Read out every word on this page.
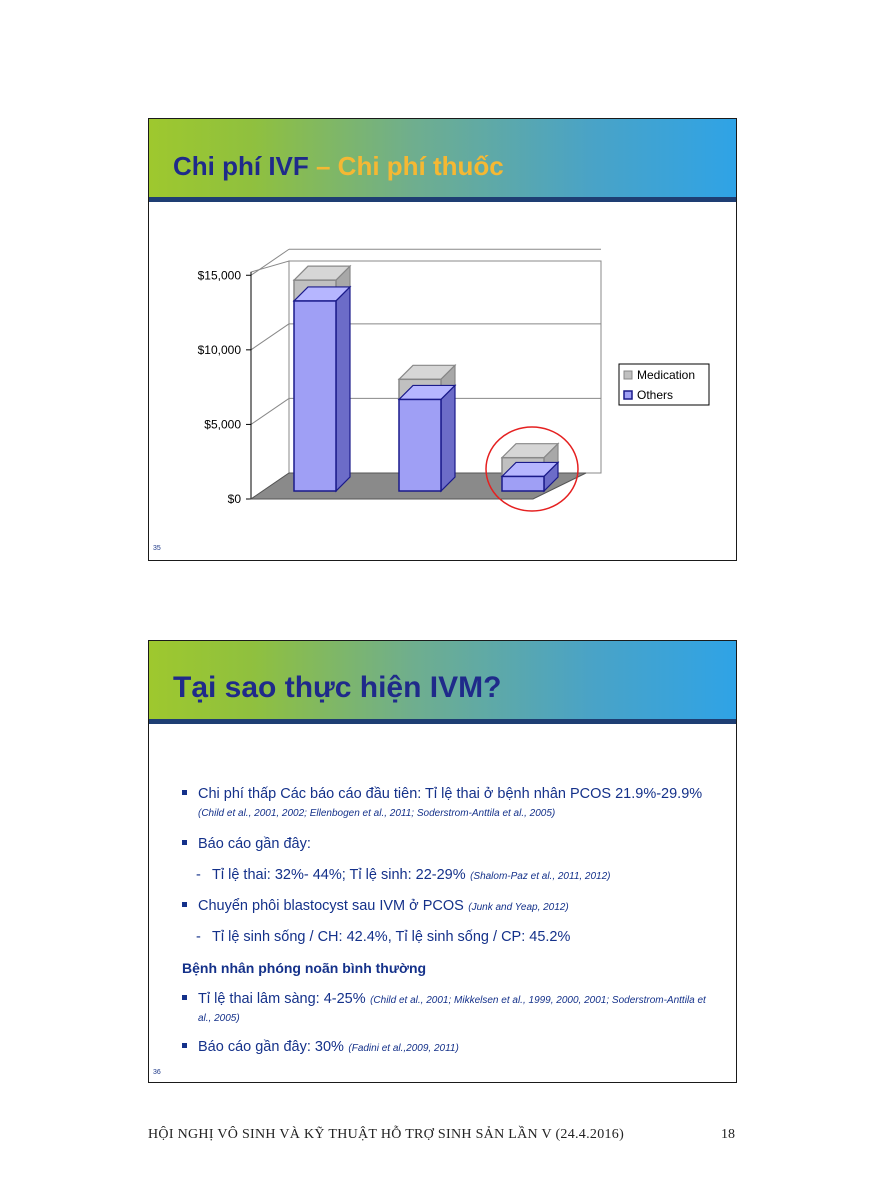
Chi phí IVF – Chi phí thuốc
$0
$5,000
$10,000
$15,000
Medication
Others
35
Tại sao thực hiện IVM?
Chi phí thấp Các báo cáo đầu tiên: Tỉ lệ thai ở bệnh nhân PCOS 21.9%-29.9% (Child et al., 2001, 2002; Ellenbogen et al., 2011; Soderstrom-Anttila et al., 2005)
Báo cáo gần đây:
- Tỉ lệ thai: 32%- 44%; Tỉ lệ sinh: 22-29% (Shalom-Paz et al., 2011, 2012)
Chuyển phôi blastocyst sau IVM ở PCOS (Junk and Yeap, 2012)
- Tỉ lệ sinh sống / CH: 42.4%, Tỉ lệ sinh sống / CP: 45.2%
Bệnh nhân phóng noãn bình thường
Tỉ lệ thai lâm sàng: 4-25% (Child et al., 2001; Mikkelsen et al., 1999, 2000, 2001; Soderstrom-Anttila et al., 2005)
Báo cáo gần đây: 30% (Fadini et al.,2009, 2011)
36
HỘI NGHỊ VÔ SINH VÀ KỸ THUẬT HỖ TRỢ SINH SẢN LẦN V (24.4.2016)	18
